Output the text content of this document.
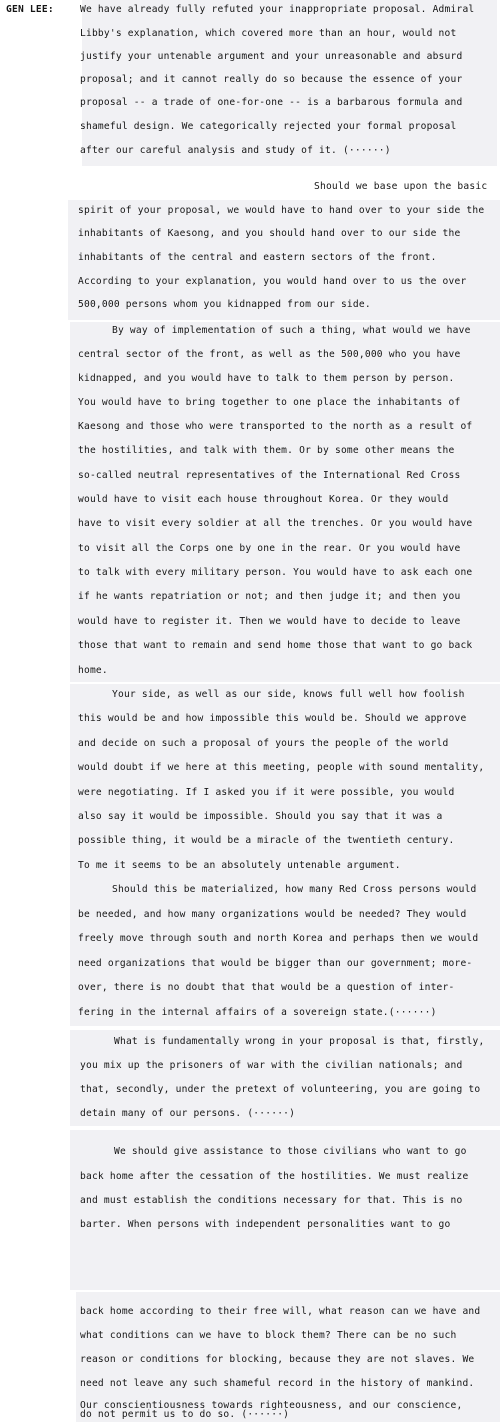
GEN LEE:	We have already fully refuted your inappropriate proposal. Admiral
Libby's explanation, which covered more than an hour, would not
justify your untenable argument and your unreasonable and absurd
proposal; and it cannot really do so because the essence of your
proposal -- a trade of one-for-one -- is a barbarous formula and
shameful design. We categorically rejected your formal proposal
after our careful analysis and study of it. (······)
Should we base upon the basic
spirit of your proposal, we would have to hand over to your side the
inhabitants of Kaesong, and you should hand over to our side the
inhabitants of the central and eastern sectors of the front.
According to your explanation, you would hand over to us the over
500,000 persons whom you kidnapped from our side.
By way of implementation of such a thing, what would we have
central sector of the front, as well as the 500,000 who you have
kidnapped, and you would have to talk to them person by person.
You would have to bring together to one place the inhabitants of
Kaesong and those who were transported to the north as a result of
the hostilities, and talk with them. Or by some other means the
so-called neutral representatives of the International Red Cross
would have to visit each house throughout Korea. Or they would
have to visit every soldier at all the trenches. Or you would have
to visit all the Corps one by one in the rear. Or you would have
to talk with every military person. You would have to ask each one
if he wants repatriation or not; and then judge it; and then you
would have to register it. Then we would have to decide to leave
those that want to remain and send home those that want to go back
home.
Your side, as well as our side, knows full well how foolish
this would be and how impossible this would be. Should we approve
and decide on such a proposal of yours the people of the world
would doubt if we here at this meeting, people with sound mentality,
were negotiating. If I asked you if it were possible, you would
also say it would be impossible. Should you say that it was a
possible thing, it would be a miracle of the twentieth century.
To me it seems to be an absolutely untenable argument.
Should this be materialized, how many Red Cross persons would
be needed, and how many organizations would be needed? They would
freely move through south and north Korea and perhaps then we would
need organizations that would be bigger than our government; more-
over, there is no doubt that that would be a question of inter-
fering in the internal affairs of a sovereign state.(······)
What is fundamentally wrong in your proposal is that, firstly,
you mix up the prisoners of war with the civilian nationals; and
that, secondly, under the pretext of volunteering, you are going to
detain many of our persons. (······)
We should give assistance to those civilians who want to go
back home after the cessation of the hostilities. We must realize
and must establish the conditions necessary for that. This is no
barter. When persons with independent personalities want to go
back home according to their free will, what reason can we have and
what conditions can we have to block them? There can be no such
reason or conditions for blocking, because they are not slaves. We
need not leave any such shameful record in the history of mankind.
Our conscientiousness towards righteousness, and our conscience,
do not permit us to do so. (······)
